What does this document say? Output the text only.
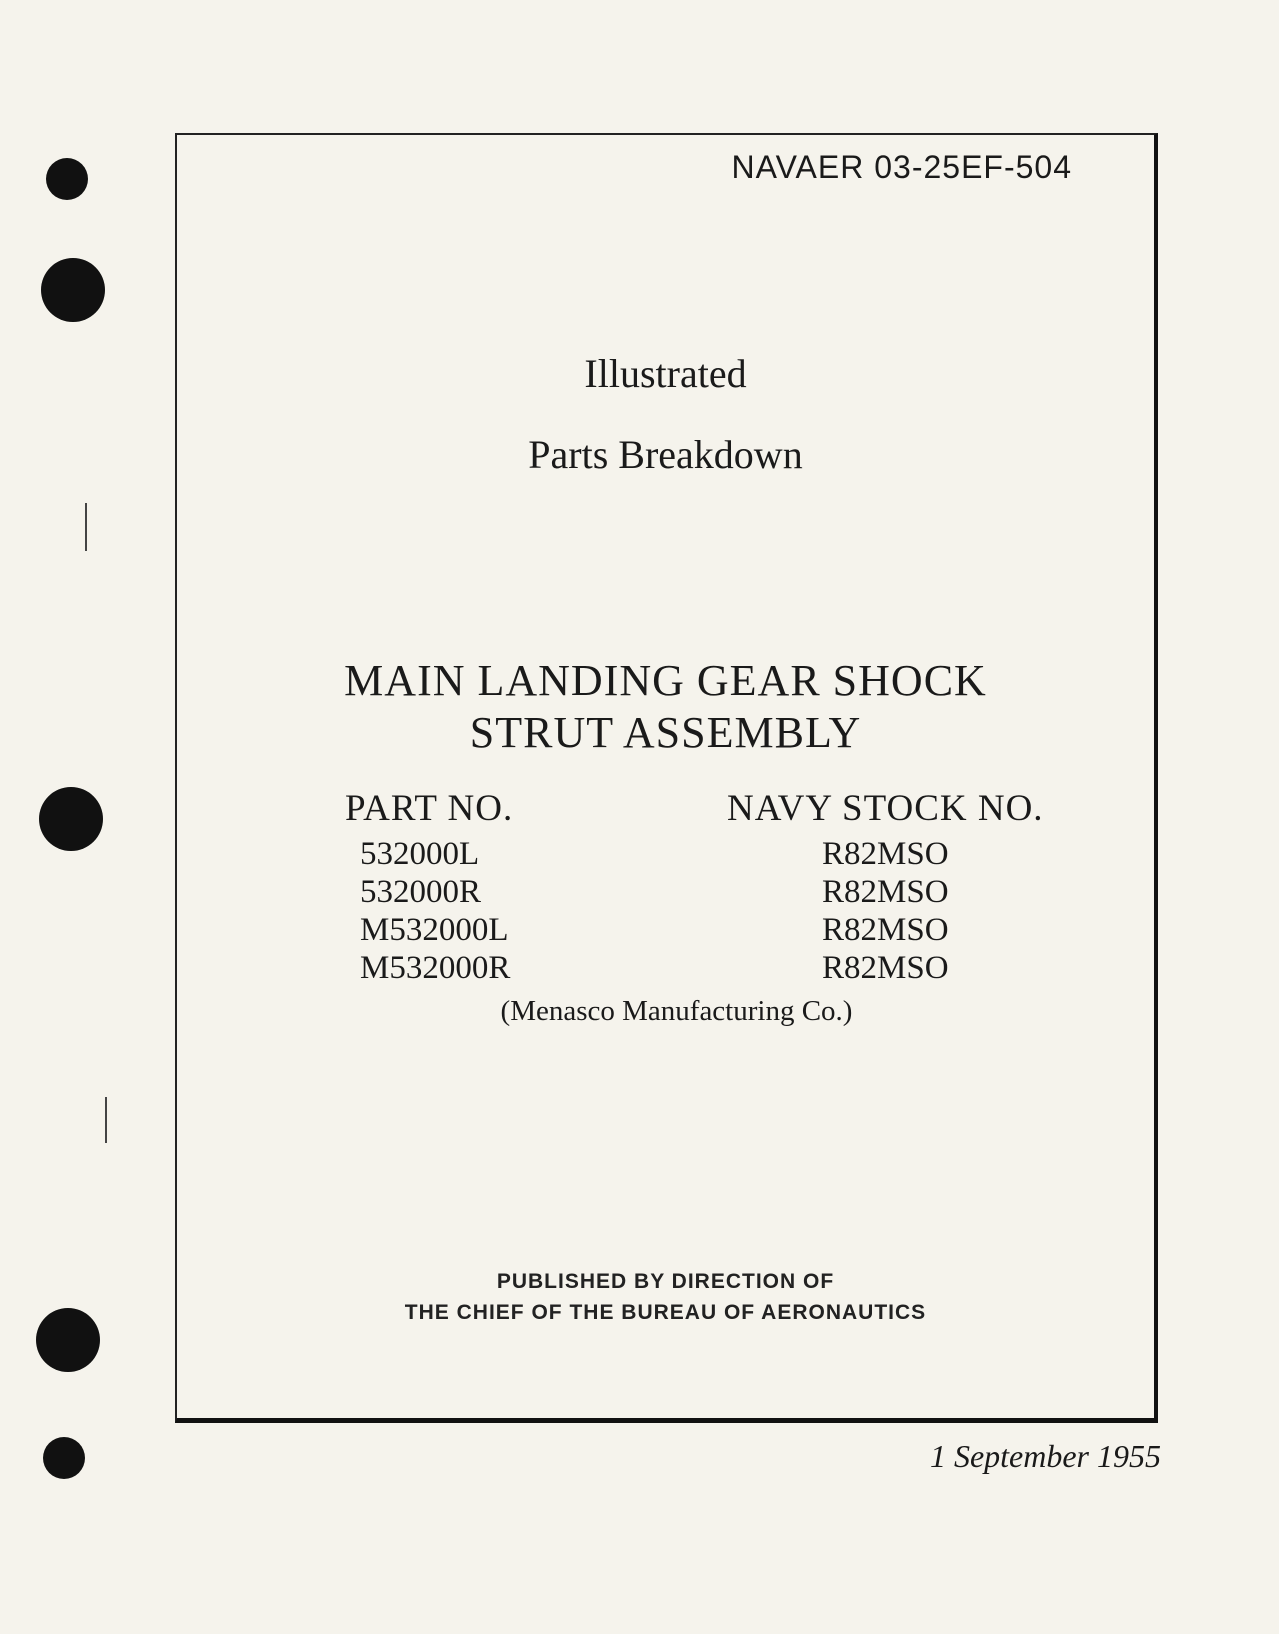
NAVAER 03-25EF-504
Illustrated
Parts Breakdown
MAIN LANDING GEAR SHOCK
STRUT ASSEMBLY
PART NO.	NAVY STOCK NO.
532000L
532000R
M532000L
M532000R
R82MSO
R82MSO
R82MSO
R82MSO
(Menasco Manufacturing Co.)
PUBLISHED BY DIRECTION OF
THE CHIEF OF THE BUREAU OF AERONAUTICS
1 September 1955
